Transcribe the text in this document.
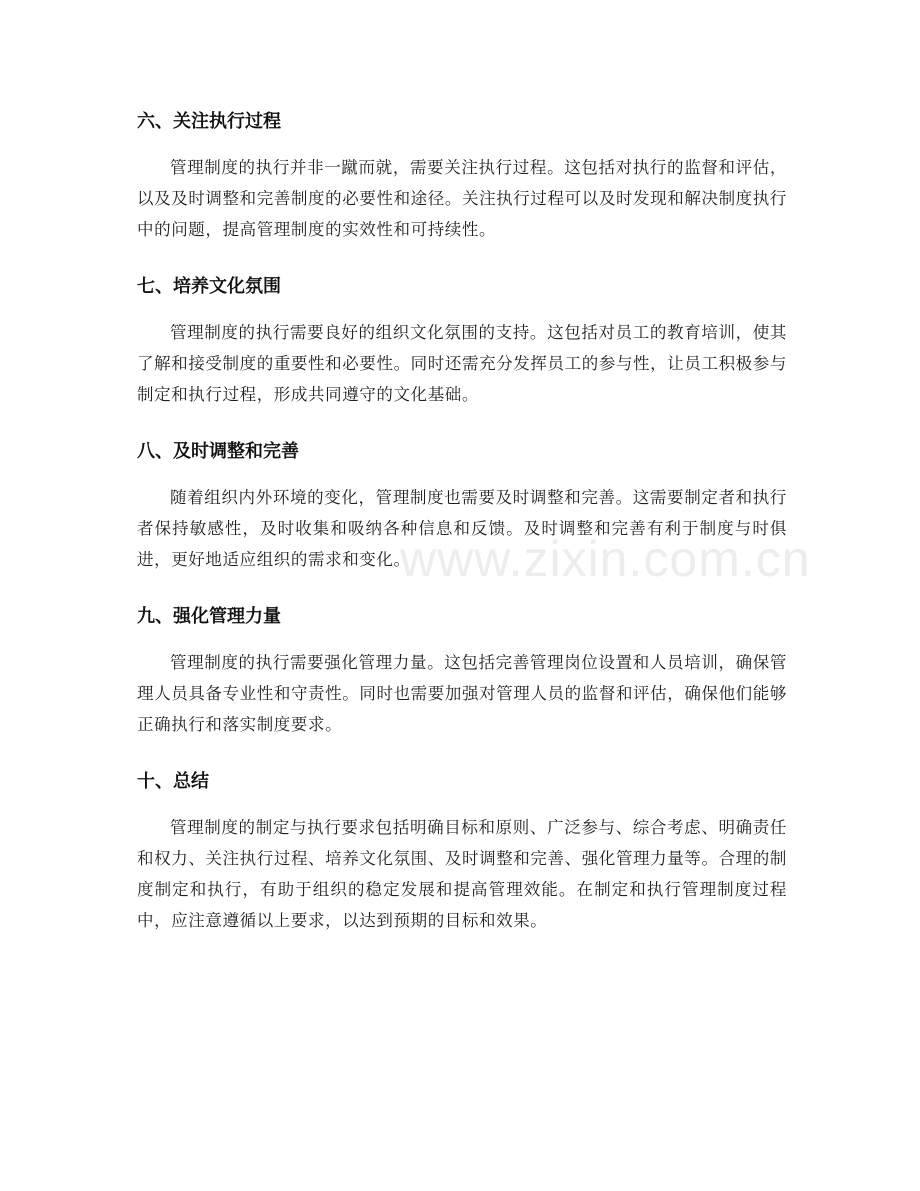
六、关注执行过程

管理制度的执行并非一蹴而就，需要关注执行过程。这包括对执行的监督和评估，以及及时调整和完善制度的必要性和途径。关注执行过程可以及时发现和解决制度执行中的问题，提高管理制度的实效性和可持续性。

七、培养文化氛围

管理制度的执行需要良好的组织文化氛围的支持。这包括对员工的教育培训，使其了解和接受制度的重要性和必要性。同时还需充分发挥员工的参与性，让员工积极参与制定和执行过程，形成共同遵守的文化基础。

八、及时调整和完善

随着组织内外环境的变化，管理制度也需要及时调整和完善。这需要制定者和执行者保持敏感性，及时收集和吸纳各种信息和反馈。及时调整和完善有利于制度与时俱进，更好地适应组织的需求和变化。

九、强化管理力量

管理制度的执行需要强化管理力量。这包括完善管理岗位设置和人员培训，确保管理人员具备专业性和守责性。同时也需要加强对管理人员的监督和评估，确保他们能够正确执行和落实制度要求。

十、总结

管理制度的制定与执行要求包括明确目标和原则、广泛参与、综合考虑、明确责任和权力、关注执行过程、培养文化氛围、及时调整和完善、强化管理力量等。合理的制度制定和执行，有助于组织的稳定发展和提高管理效能。在制定和执行管理制度过程中，应注意遵循以上要求，以达到预期的目标和效果。

www.zixin.com.cn
